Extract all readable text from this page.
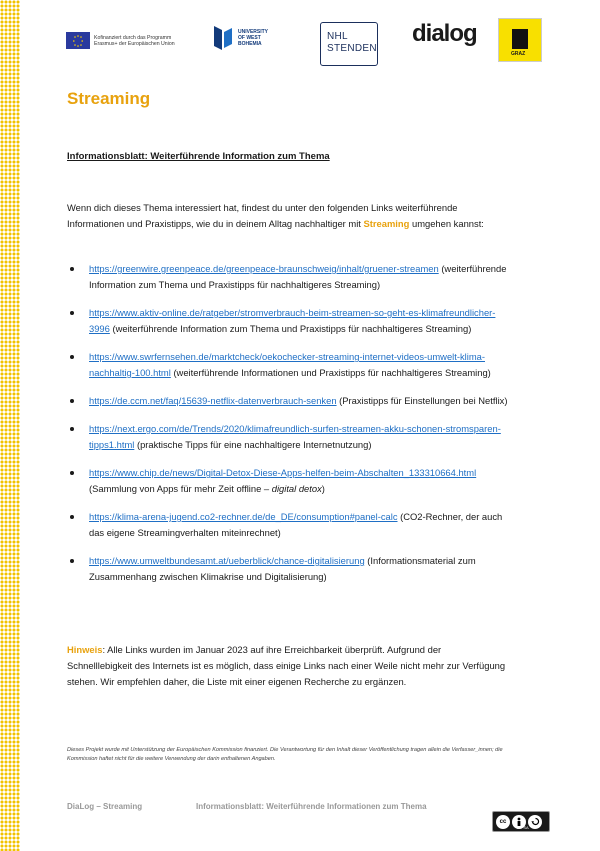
Kofinanziert durch das Programm Erasmus+ der Europäischen Union
UNIVERSITY OF WEST BOHEMIA
NHL STENDEN
dialog
GRAZ
Streaming

Informationsblatt: Weiterführende Information zum Thema

Wenn dich dieses Thema interessiert hat, findest du unter den folgenden Links weiterführende Informationen und Praxistipps, wie du in deinem Alltag nachhaltiger mit Streaming umgehen kannst:

https://greenwire.greenpeace.de/greenpeace-braunschweig/inhalt/gruener-streamen (weiterführende Information zum Thema und Praxistipps für nachhaltigeres Streaming)
https://www.aktiv-online.de/ratgeber/stromverbrauch-beim-streamen-so-geht-es-klimafreundlicher-3996 (weiterführende Information zum Thema und Praxistipps für nachhaltigeres Streaming)
https://www.swrfernsehen.de/marktcheck/oekochecker-streaming-internet-videos-umwelt-klima-nachhaltig-100.html (weiterführende Informationen und Praxistipps für nachhaltigeres Streaming)
https://de.ccm.net/faq/15639-netflix-datenverbrauch-senken (Praxistipps für Einstellungen bei Netflix)
https://next.ergo.com/de/Trends/2020/klimafreundlich-surfen-streamen-akku-schonen-stromsparen-tipps1.html (praktische Tipps für eine nachhaltigere Internetnutzung)
https://www.chip.de/news/Digital-Detox-Diese-Apps-helfen-beim-Abschalten_133310664.html (Sammlung von Apps für mehr Zeit offline – digital detox)
https://klima-arena-jugend.co2-rechner.de/de_DE/consumption#panel-calc (CO2-Rechner, der auch das eigene Streamingverhalten miteinrechnet)
https://www.umweltbundesamt.at/ueberblick/chance-digitalisierung (Informationsmaterial zum Zusammenhang zwischen Klimakrise und Digitalisierung)

Hinweis: Alle Links wurden im Januar 2023 auf ihre Erreichbarkeit überprüft. Aufgrund der Schnelllebigkeit des Internets ist es möglich, dass einige Links nach einer Weile nicht mehr zur Verfügung stehen. Wir empfehlen daher, die Liste mit einer eigenen Recherche zu ergänzen.

Dieses Projekt wurde mit Unterstützung der Europäischen Kommission finanziert. Die Verantwortung für den Inhalt dieser Veröffentlichung tragen allein die Verfasser_innen; die Kommission haftet nicht für die weitere Verwendung der darin enthaltenen Angaben.

DiaLog – Streaming	Informationsblatt: Weiterführende Informationen zum Thema
cc
BY SA
